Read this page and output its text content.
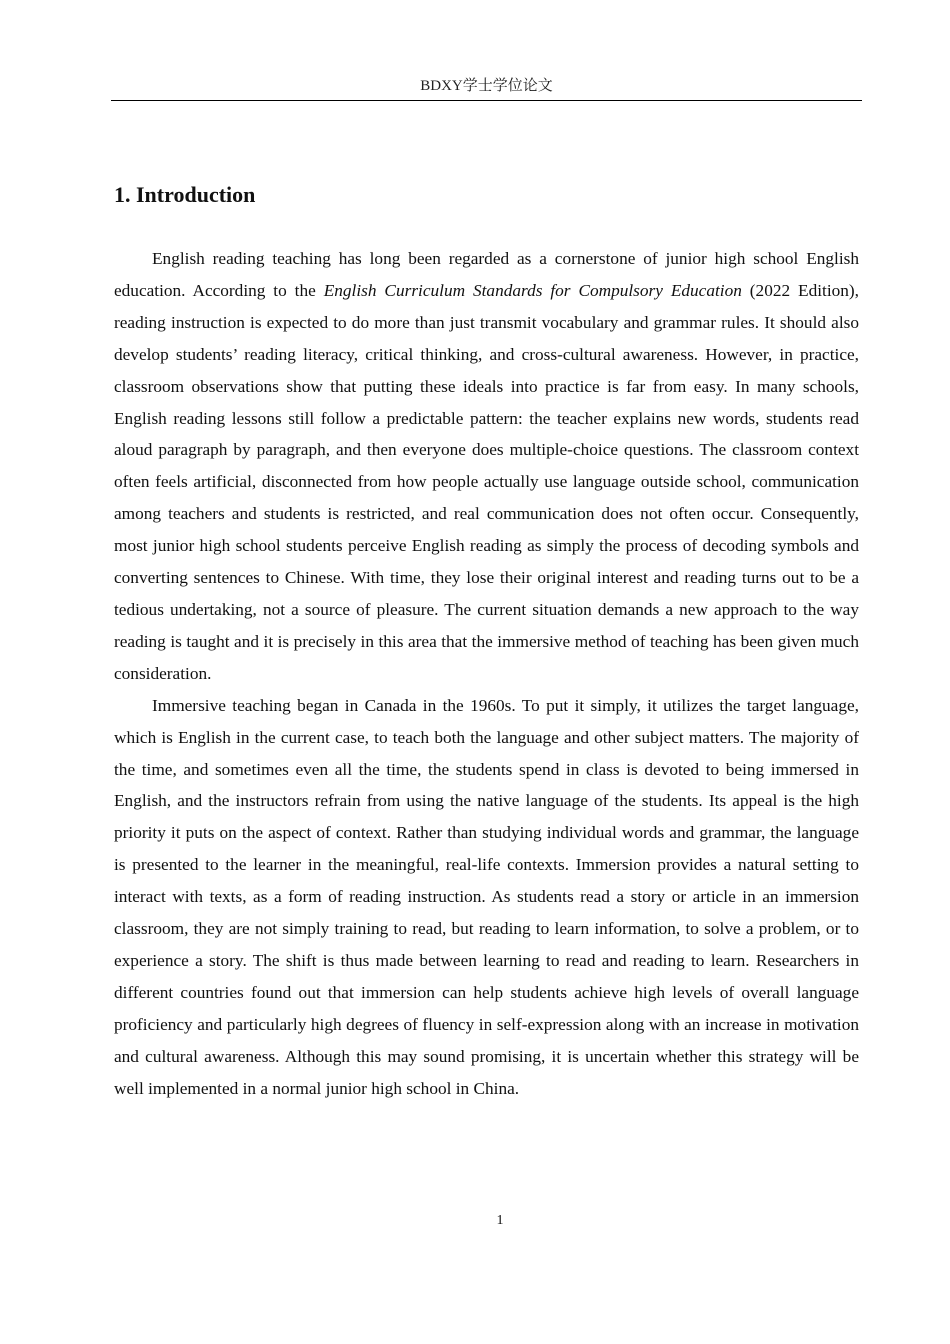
BDXY学士学位论文
1. Introduction

English reading teaching has long been regarded as a cornerstone of junior high school English education. According to the English Curriculum Standards for Compulsory Education (2022 Edition), reading instruction is expected to do more than just transmit vocabulary and grammar rules. It should also develop students’ reading literacy, critical thinking, and cross-cultural awareness. However, in practice, classroom observations show that putting these ideals into practice is far from easy. In many schools, English reading lessons still follow a predictable pattern: the teacher explains new words, students read aloud paragraph by paragraph, and then everyone does multiple-choice questions. The classroom context often feels artificial, disconnected from how people actually use language outside school, communication among teachers and students is restricted, and real communication does not often occur. Consequently, most junior high school students perceive English reading as simply the process of decoding symbols and converting sentences to Chinese. With time, they lose their original interest and reading turns out to be a tedious undertaking, not a source of pleasure. The current situation demands a new approach to the way reading is taught and it is precisely in this area that the immersive method of teaching has been given much consideration.

Immersive teaching began in Canada in the 1960s. To put it simply, it utilizes the target language, which is English in the current case, to teach both the language and other subject matters. The majority of the time, and sometimes even all the time, the students spend in class is devoted to being immersed in English, and the instructors refrain from using the native language of the students. Its appeal is the high priority it puts on the aspect of context. Rather than studying individual words and grammar, the language is presented to the learner in the meaningful, real-life contexts. Immersion provides a natural setting to interact with texts, as a form of reading instruction. As students read a story or article in an immersion classroom, they are not simply training to read, but reading to learn information, to solve a problem, or to experience a story. The shift is thus made between learning to read and reading to learn. Researchers in different countries found out that immersion can help students achieve high levels of overall language proficiency and particularly high degrees of fluency in self-expression along with an increase in motivation and cultural awareness. Although this may sound promising, it is uncertain whether this strategy will be well implemented in a normal junior high school in China.

1
